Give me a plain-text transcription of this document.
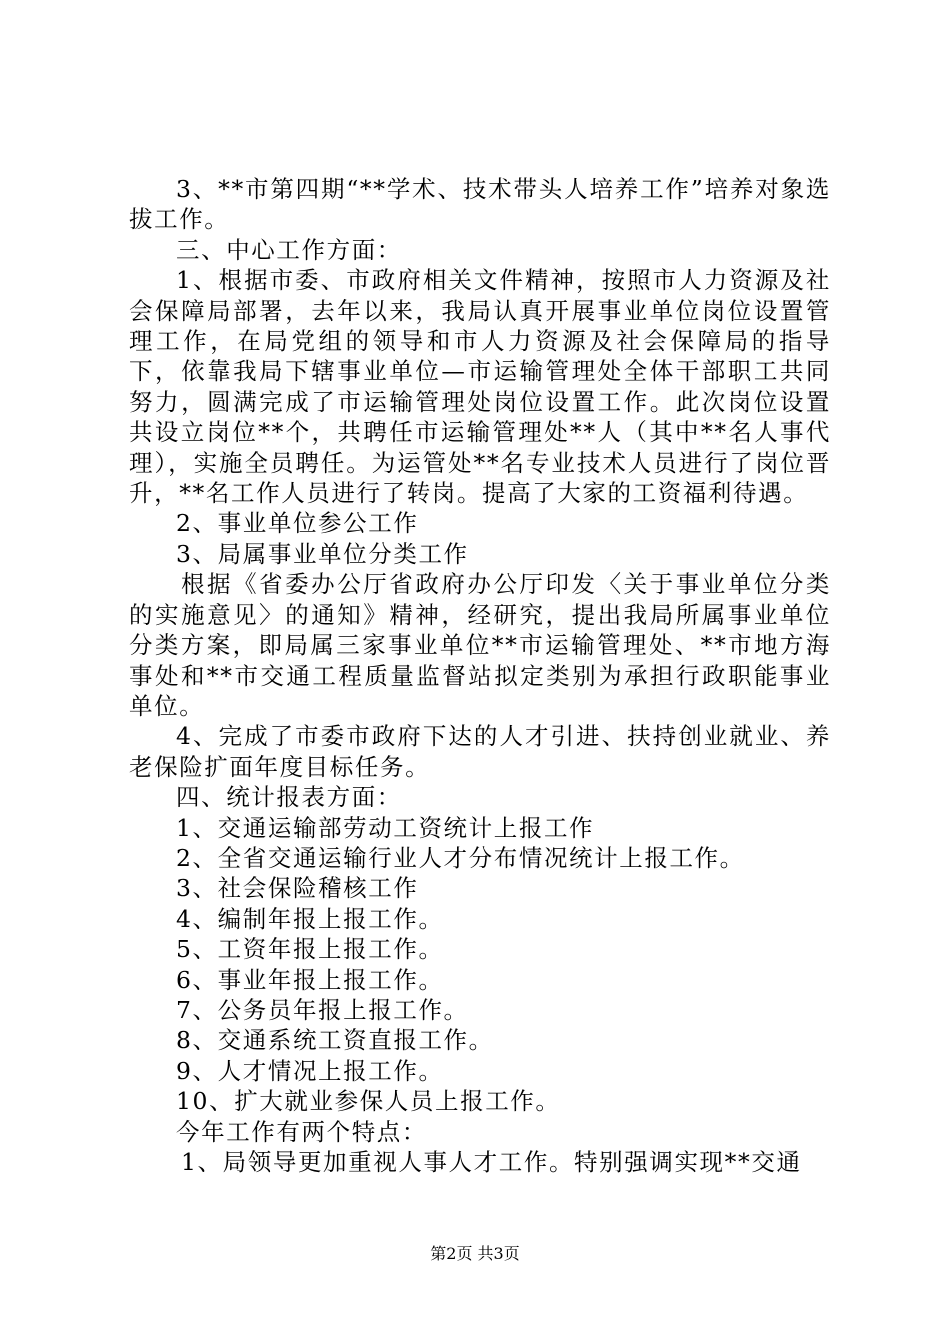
3、**市第四期“**学术、技术带头人培养工作”培养对象选拔工作。

三、中心工作方面：

1、根据市委、市政府相关文件精神，按照市人力资源及社会保障局部署，去年以来，我局认真开展事业单位岗位设置管理工作，在局党组的领导和市人力资源及社会保障局的指导下，依靠我局下辖事业单位—市运输管理处全体干部职工共同努力，圆满完成了市运输管理处岗位设置工作。此次岗位设置共设立岗位**个，共聘任市运输管理处**人（其中**名人事代理），实施全员聘任。为运管处**名专业技术人员进行了岗位晋升，**名工作人员进行了转岗。提高了大家的工资福利待遇。

2、事业单位参公工作

3、局属事业单位分类工作

根据《省委办公厅省政府办公厅印发〈关于事业单位分类的实施意见〉的通知》精神，经研究，提出我局所属事业单位分类方案，即局属三家事业单位**市运输管理处、**市地方海事处和**市交通工程质量监督站拟定类别为承担行政职能事业单位。

4、完成了市委市政府下达的人才引进、扶持创业就业、养老保险扩面年度目标任务。

四、统计报表方面：

1、交通运输部劳动工资统计上报工作

2、全省交通运输行业人才分布情况统计上报工作。

3、社会保险稽核工作

4、编制年报上报工作。

5、工资年报上报工作。

6、事业年报上报工作。

7、公务员年报上报工作。

8、交通系统工资直报工作。

9、人才情况上报工作。

10、扩大就业参保人员上报工作。

今年工作有两个特点：

1、局领导更加重视人事人才工作。特别强调实现**交通

第2页 共3页
